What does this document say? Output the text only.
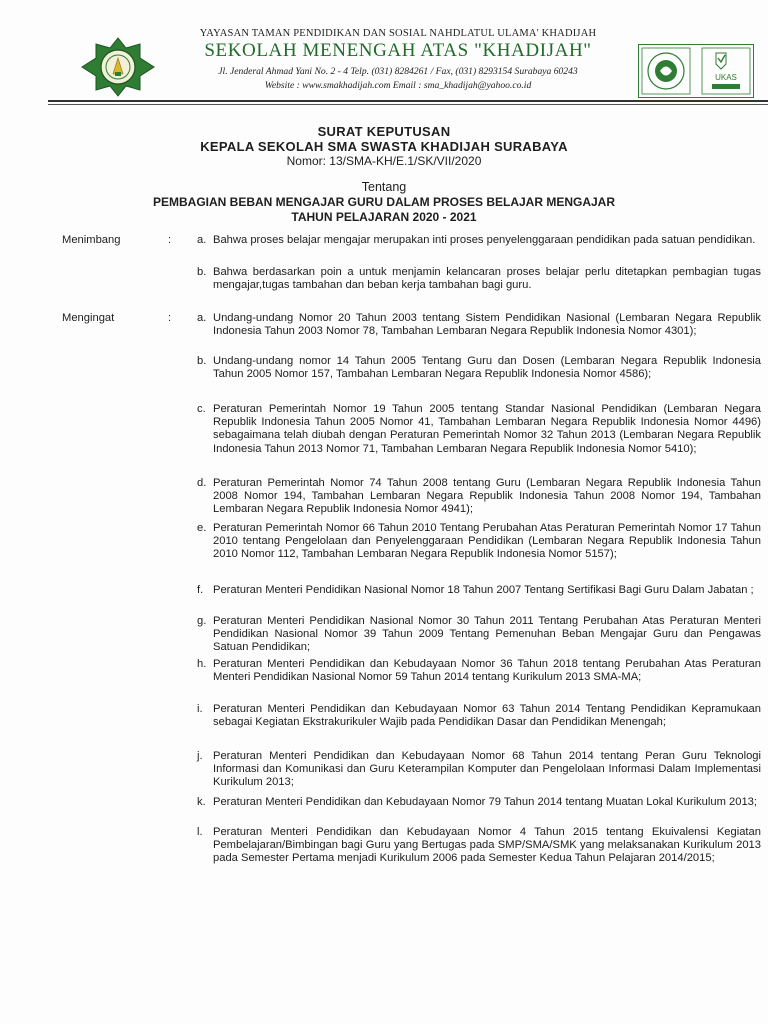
YAYASAN TAMAN PENDIDIKAN DAN SOSIAL NAHDLATUL ULAMA' KHADIJAH
SEKOLAH MENENGAH ATAS "KHADIJAH"
Jl. Jenderal Ahmad Yani No. 2 - 4 Telp. (031) 8284261 / Fax, (031) 8293154 Surabaya 60243
Website : www.smakhadijah.com Email : sma_khadijah@yahoo.co.id
UKAS
SURAT KEPUTUSAN
KEPALA SEKOLAH SMA SWASTA KHADIJAH SURABAYA
Nomor: 13/SMA-KH/E.1/SK/VII/2020
Tentang
PEMBAGIAN BEBAN MENGAJAR GURU DALAM PROSES BELAJAR MENGAJAR
TAHUN PELAJARAN 2020 - 2021
Menimbang	: a. Bahwa proses belajar mengajar merupakan inti proses penyelenggaraan pendidikan pada satuan pendidikan.
b. Bahwa berdasarkan poin a untuk menjamin kelancaran proses belajar perlu ditetapkan pembagian tugas mengajar,tugas tambahan dan beban kerja tambahan bagi guru.
Mengingat	: a. Undang-undang Nomor 20 Tahun 2003 tentang Sistem Pendidikan Nasional (Lembaran Negara Republik Indonesia Tahun 2003 Nomor 78, Tambahan Lembaran Negara Republik Indonesia Nomor 4301);
b. Undang-undang nomor 14 Tahun 2005 Tentang Guru dan Dosen (Lembaran Negara Republik Indonesia Tahun 2005 Nomor 157, Tambahan Lembaran Negara Republik Indonesia Nomor 4586);
c. Peraturan Pemerintah Nomor 19 Tahun 2005 tentang Standar Nasional Pendidikan (Lembaran Negara Republik Indonesia Tahun 2005 Nomor 41, Tambahan Lembaran Negara Republik Indonesia Nomor 4496) sebagaimana telah diubah dengan Peraturan Pemerintah Nomor 32 Tahun 2013 (Lembaran Negara Republik Indonesia Tahun 2013 Nomor 71, Tambahan Lembaran Negara Republik Indonesia Nomor 5410);
d. Peraturan Pemerintah Nomor 74 Tahun 2008 tentang Guru (Lembaran Negara Republik Indonesia Tahun 2008 Nomor 194, Tambahan Lembaran Negara Republik Indonesia Tahun 2008 Nomor 194, Tambahan Lembaran Negara Republik Indonesia Nomor 4941);
e. Peraturan Pemerintah Nomor 66 Tahun 2010 Tentang Perubahan Atas Peraturan Pemerintah Nomor 17 Tahun 2010 tentang Pengelolaan dan Penyelenggaraan Pendidikan (Lembaran Negara Republik Indonesia Tahun 2010 Nomor 112, Tambahan Lembaran Negara Republik Indonesia Nomor 5157);
f. Peraturan Menteri Pendidikan Nasional Nomor 18 Tahun 2007 Tentang Sertifikasi Bagi Guru Dalam Jabatan ;
g. Peraturan Menteri Pendidikan Nasional Nomor 30 Tahun 2011 Tentang Perubahan Atas Peraturan Menteri Pendidikan Nasional Nomor 39 Tahun 2009 Tentang Pemenuhan Beban Mengajar Guru dan Pengawas Satuan Pendidikan;
h. Peraturan Menteri Pendidikan dan Kebudayaan Nomor 36 Tahun 2018 tentang Perubahan Atas Peraturan Menteri Pendidikan Nasional Nomor 59 Tahun 2014 tentang Kurikulum 2013 SMA-MA;
i. Peraturan Menteri Pendidikan dan Kebudayaan Nomor 63 Tahun 2014 Tentang Pendidikan Kepramukaan sebagai Kegiatan Ekstrakurikuler Wajib pada Pendidikan Dasar dan Pendidikan Menengah;
j. Peraturan Menteri Pendidikan dan Kebudayaan Nomor 68 Tahun 2014 tentang Peran Guru Teknologi Informasi dan Komunikasi dan Guru Keterampilan Komputer dan Pengelolaan Informasi Dalam Implementasi Kurikulum 2013;
k. Peraturan Menteri Pendidikan dan Kebudayaan Nomor 79 Tahun 2014 tentang Muatan Lokal Kurikulum 2013;
l. Peraturan Menteri Pendidikan dan Kebudayaan Nomor 4 Tahun 2015 tentang Ekuivalensi Kegiatan Pembelajaran/Bimbingan bagi Guru yang Bertugas pada SMP/SMA/SMK yang melaksanakan Kurikulum 2013 pada Semester Pertama menjadi Kurikulum 2006 pada Semester Kedua Tahun Pelajaran 2014/2015;
